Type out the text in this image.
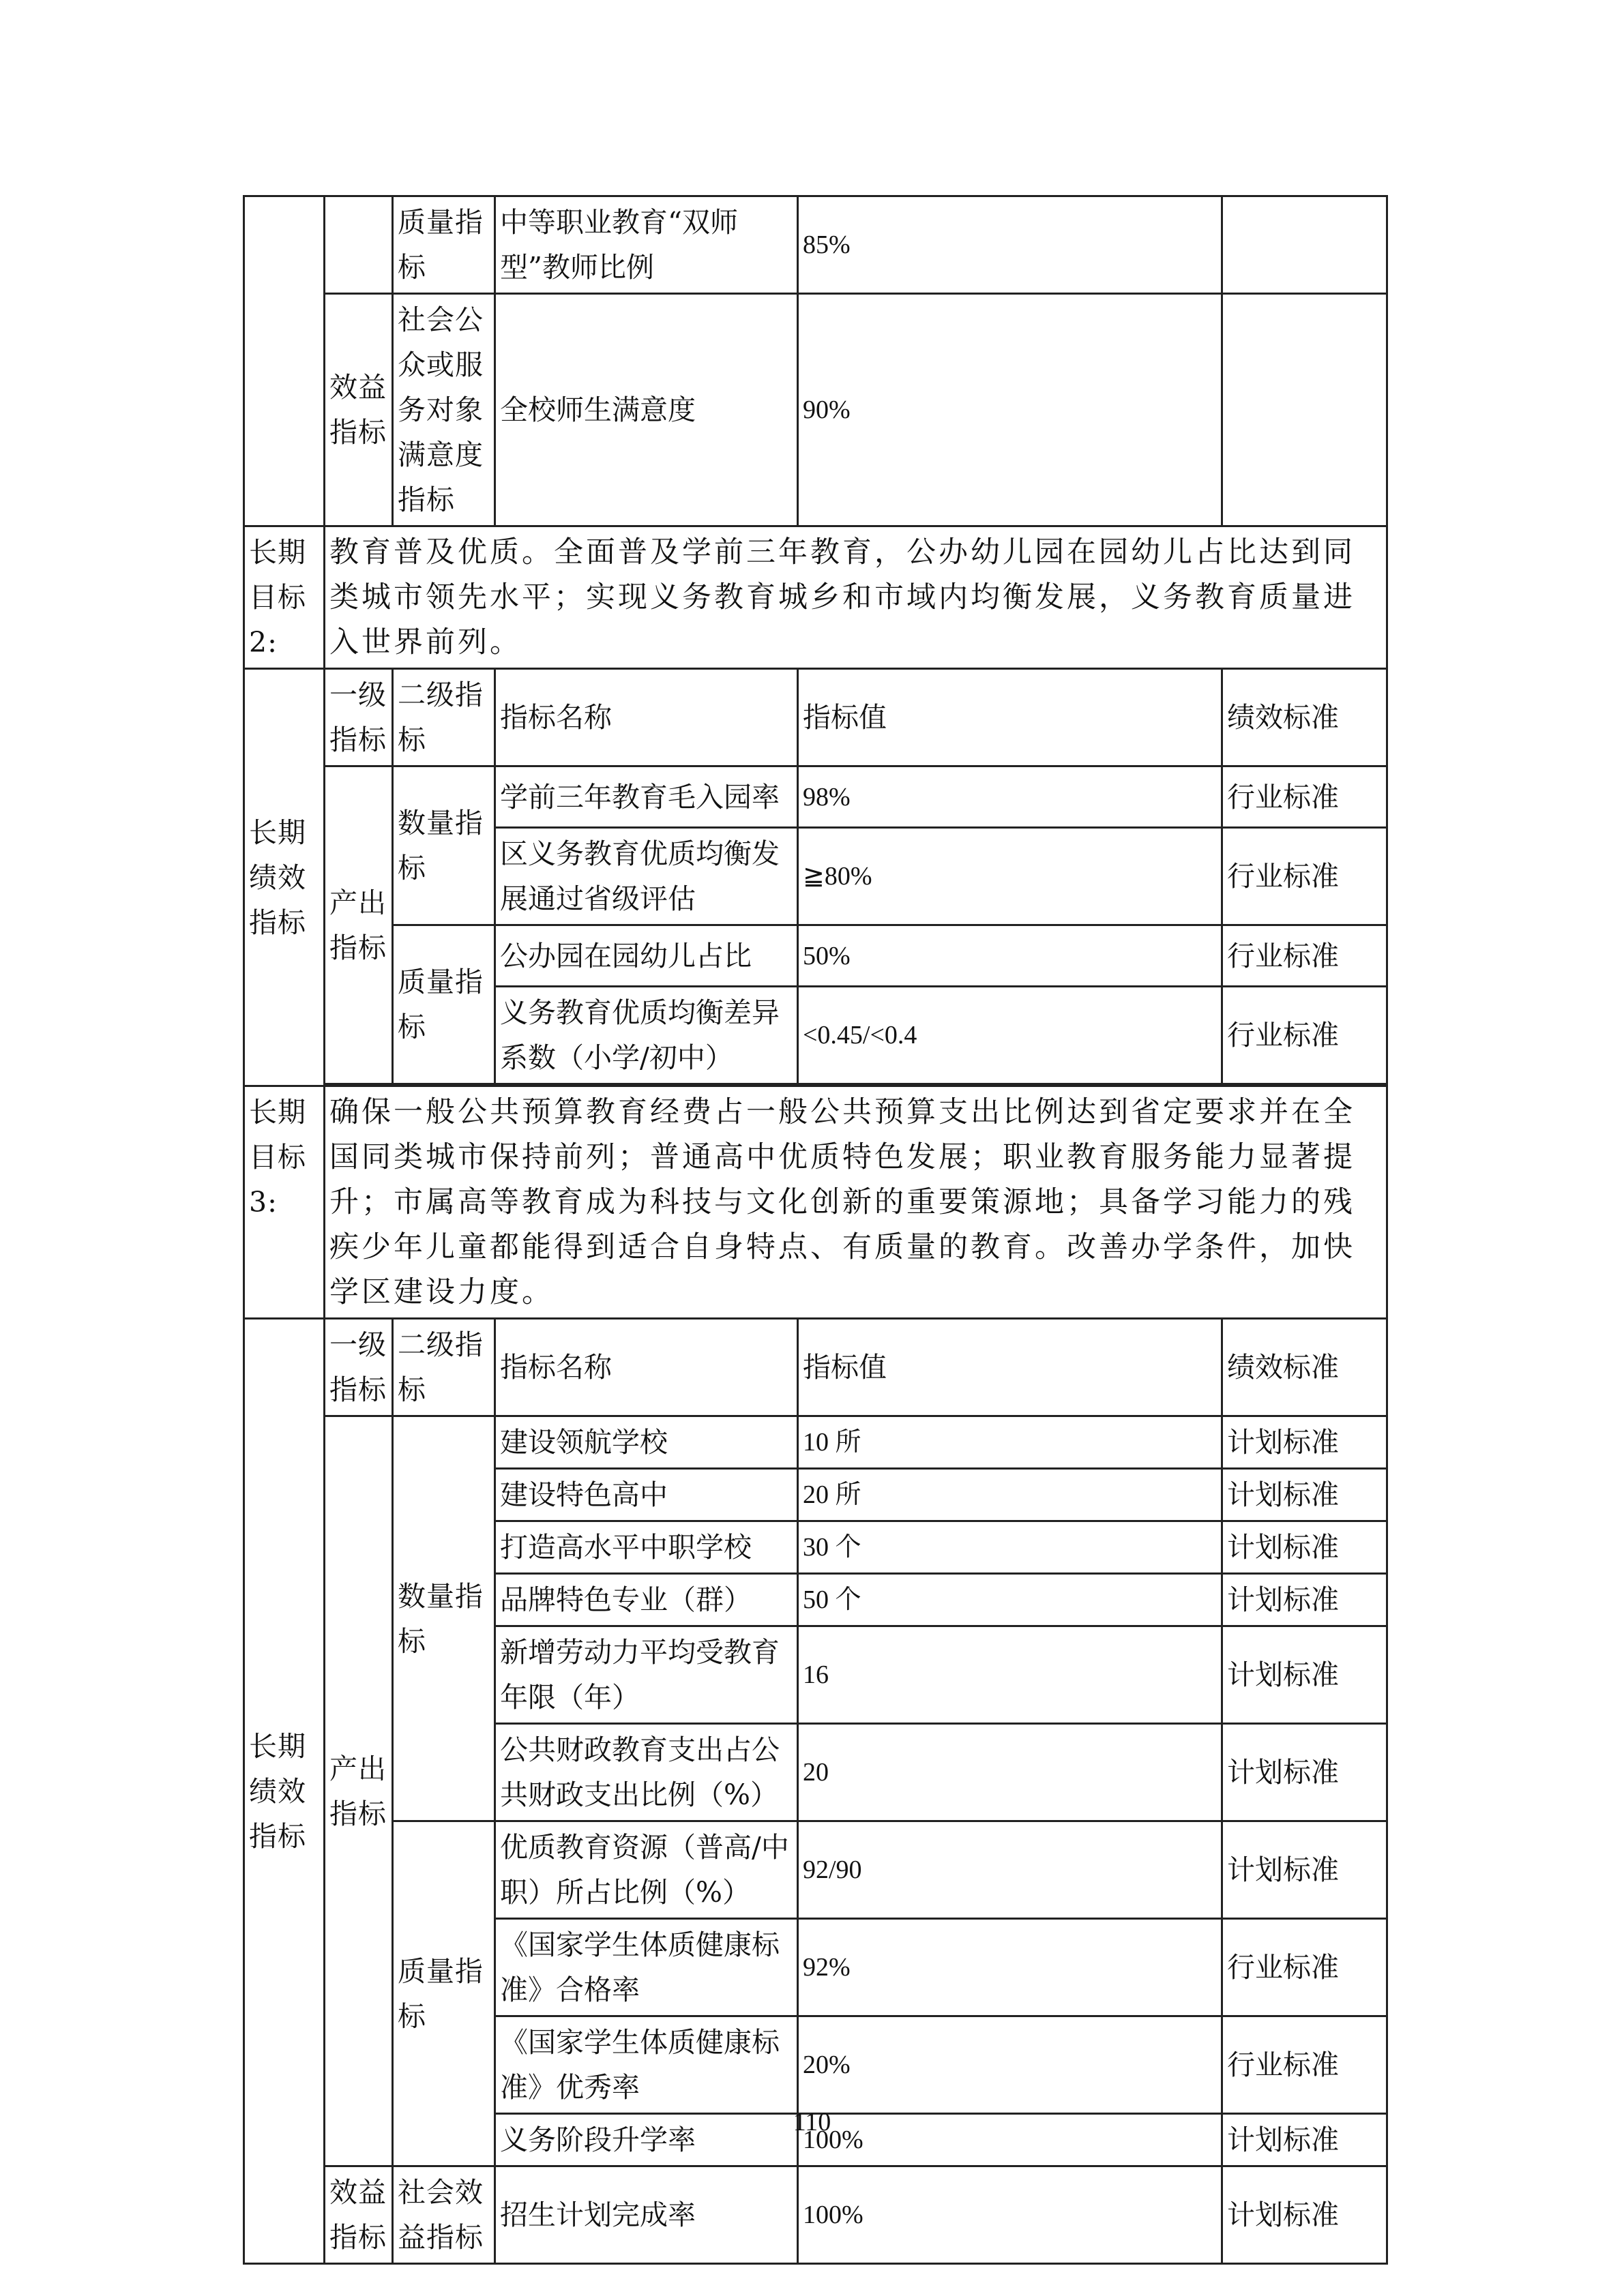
		质量指标	中等职业教育“双师型”教师比例	85%	
	效益指标	社会公众或服务对象满意度指标	全校师生满意度	90%	
长期目标2:	教育普及优质。全面普及学前三年教育，公办幼儿园在园幼儿占比达到同类城市领先水平；实现义务教育城乡和市域内均衡发展，义务教育质量进入世界前列。				
长期绩效指标	一级指标	二级指标	指标名称	指标值	绩效标准
	产出指标	数量指标	学前三年教育毛入园率	98%	行业标准
			区义务教育优质均衡发展通过省级评估	≧80%	行业标准
		质量指标	公办园在园幼儿占比	50%	行业标准
			义务教育优质均衡差异系数（小学/初中）	<0.45/<0.4	行业标准

长期目标3:	确保一般公共预算教育经费占一般公共预算支出比例达到省定要求并在全国同类城市保持前列；普通高中优质特色发展；职业教育服务能力显著提升；市属高等教育成为科技与文化创新的重要策源地；具备学习能力的残疾少年儿童都能得到适合自身特点、有质量的教育。改善办学条件，加快学区建设力度。				
长期绩效指标	一级指标	二级指标	指标名称	指标值	绩效标准
	产出指标	数量指标	建设领航学校	10 所	计划标准
			建设特色高中	20 所	计划标准
			打造高水平中职学校	30 个	计划标准
			品牌特色专业（群）	50 个	计划标准
			新增劳动力平均受教育年限（年）	16	计划标准
			公共财政教育支出占公共财政支出比例（%）	20	计划标准
		质量指标	优质教育资源（普高/中职）所占比例（%）	92/90	计划标准
			《国家学生体质健康标准》合格率	92%	行业标准
			《国家学生体质健康标准》优秀率	20%	行业标准
			义务阶段升学率	100%	计划标准
	效益指标	社会效益指标	招生计划完成率	100%	计划标准
110
